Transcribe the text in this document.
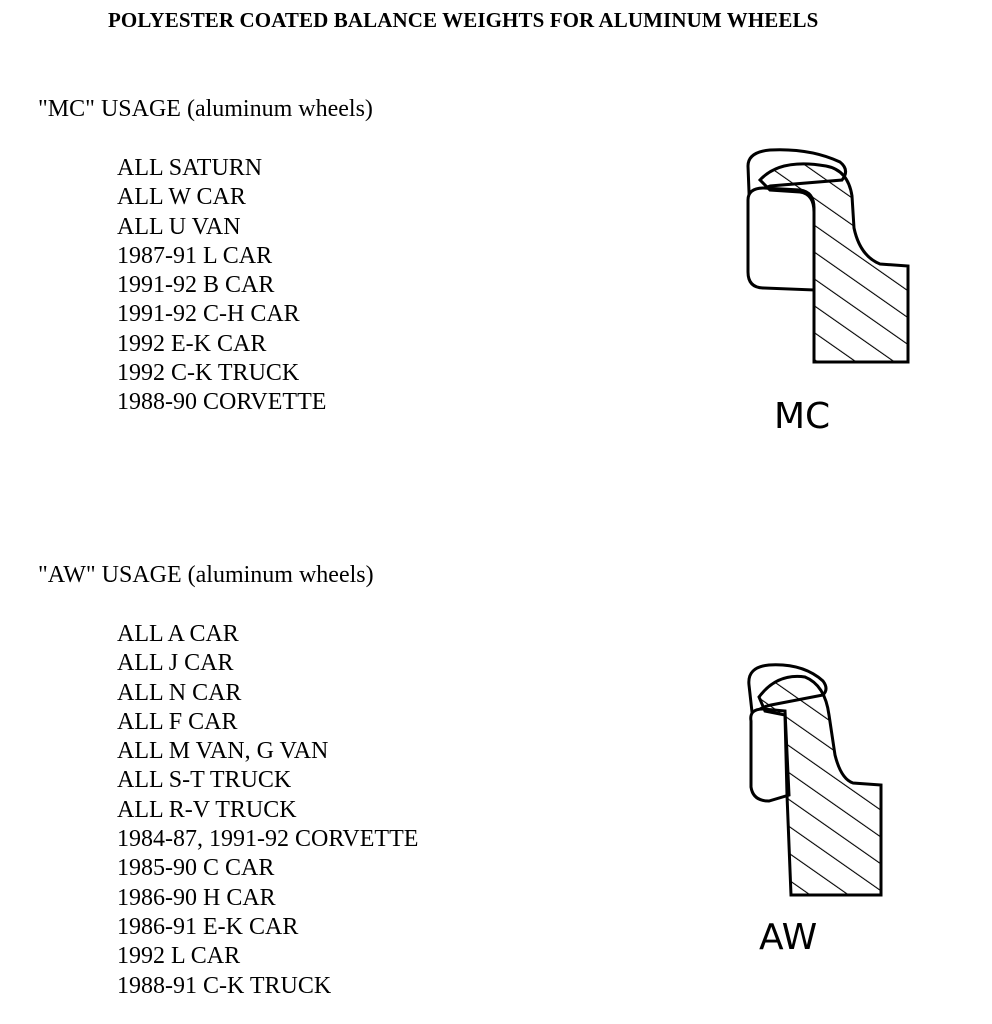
POLYESTER COATED BALANCE WEIGHTS FOR ALUMINUM WHEELS
"MC" USAGE (aluminum wheels)
ALL SATURN
ALL W CAR
ALL U VAN
1987-91 L CAR
1991-92 B CAR
1991-92 C-H CAR
1992 E-K CAR
1992 C-K TRUCK
1988-90 CORVETTE	MC
"AW" USAGE (aluminum wheels)
ALL A CAR
ALL J CAR
ALL N CAR
ALL F CAR
ALL M VAN, G VAN
ALL S-T TRUCK
ALL R-V TRUCK
1984-87, 1991-92 CORVETTE
1985-90 C CAR
1986-90 H CAR
1986-91 E-K CAR
1992 L CAR
1988-91 C-K TRUCK
AW
